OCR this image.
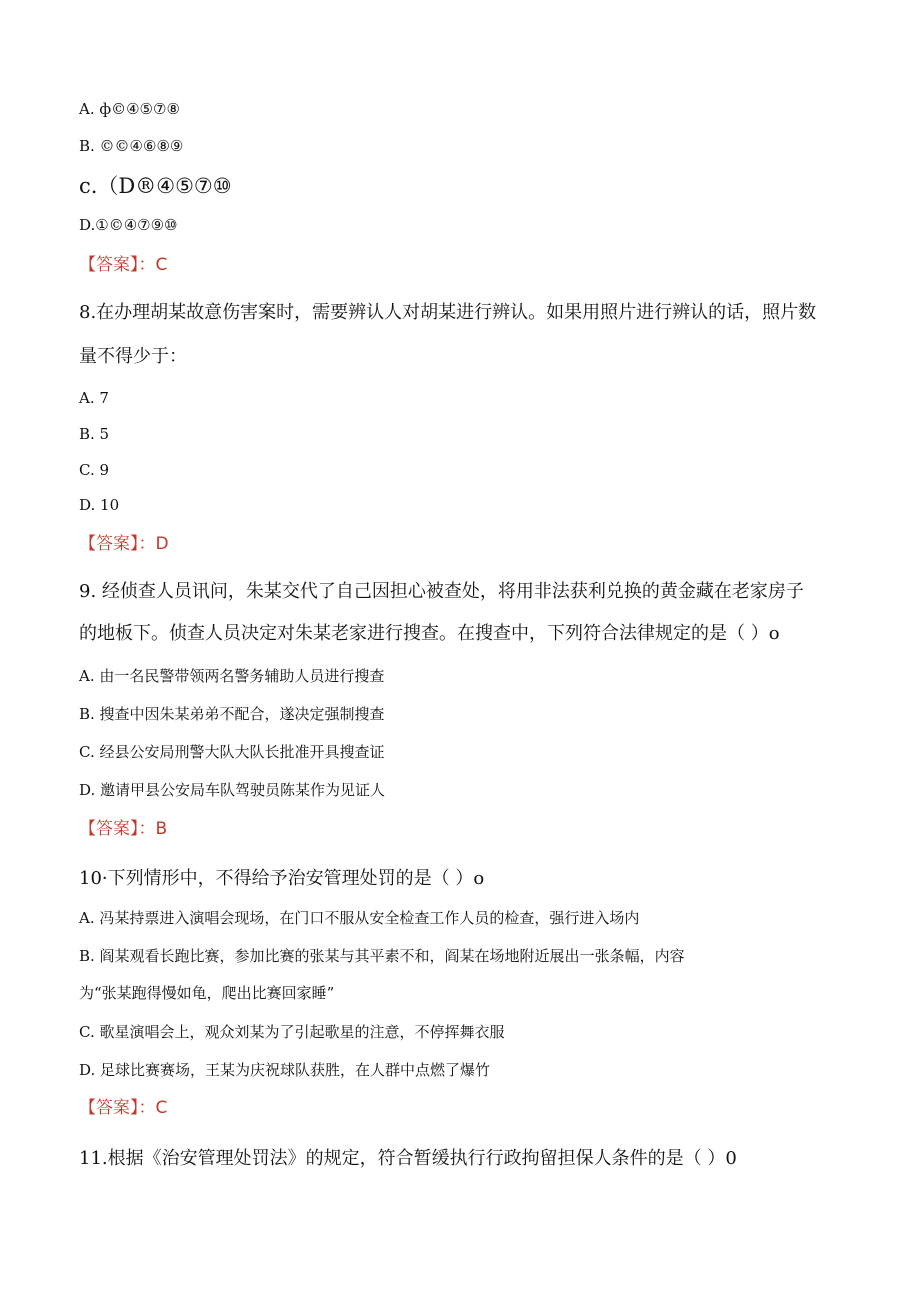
A. ф©④⑤⑦⑧
B. ©©④⑥⑧⑨
c.（D®④⑤⑦⑩
D.①©④⑦⑨⑩
【答案】：C
8.在办理胡某故意伤害案时，需要辨认人对胡某进行辨认。如果用照片进行辨认的话，照片数
量不得少于：
A. 7
B. 5
C. 9
D. 10
【答案】：D
9. 经侦查人员讯问，朱某交代了自己因担心被查处，将用非法获利兑换的黄金藏在老家房子
的地板下。侦查人员决定对朱某老家进行搜查。在搜查中，下列符合法律规定的是（ ）o
A. 由一名民警带领两名警务辅助人员进行搜查
B. 搜查中因朱某弟弟不配合，遂决定强制搜查
C. 经县公安局刑警大队大队长批准开具搜查证
D. 邀请甲县公安局车队驾驶员陈某作为见证人
【答案】：B
10·下列情形中，不得给予治安管理处罚的是（ ）o
A. 冯某持票进入演唱会现场，在门口不服从安全检查工作人员的检查，强行进入场内
B. 阎某观看长跑比赛，参加比赛的张某与其平素不和，阎某在场地附近展出一张条幅，内容
为“张某跑得慢如龟，爬出比赛回家睡”
C. 歌星演唱会上，观众刘某为了引起歌星的注意，不停挥舞衣服
D. 足球比赛赛场，王某为庆祝球队获胜，在人群中点燃了爆竹
【答案】：C
11.根据《治安管理处罚法》的规定，符合暂缓执行行政拘留担保人条件的是（ ）0
